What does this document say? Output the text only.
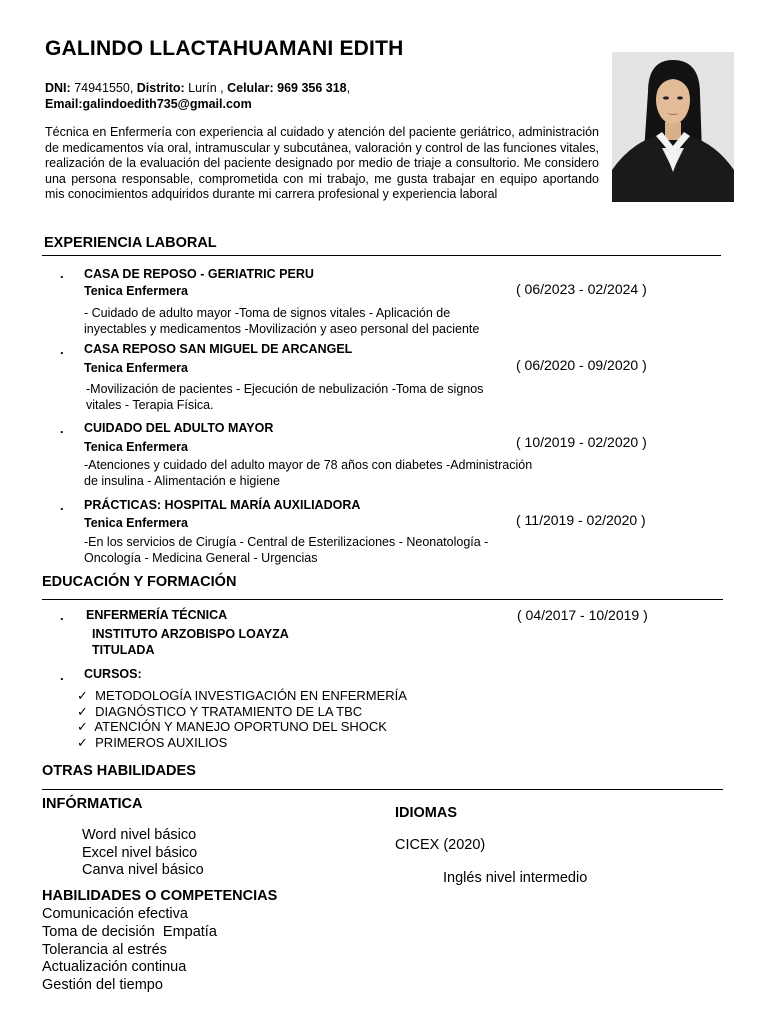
GALINDO LLACTAHUAMANI EDITH
DNI: 74941550, Distrito: Lurín , Celular: 969 356 318,
Email:galindoedith735@gmail.com
Técnica en Enfermería con experiencia al cuidado y atención del paciente geriátrico, administración de medicamentos vía oral, intramuscular y subcutánea, valoración y control de las funciones vitales, realización de la evaluación del paciente designado por medio de triaje a consultorio. Me considero una persona responsable, comprometida con mi trabajo, me gusta trabajar en equipo aportando mis conocimientos adquiridos durante mi carrera profesional y experiencia laboral
EXPERIENCIA LABORAL
. CASA DE REPOSO - GERIATRIC PERU
Tenica Enfermera	( 06/2023 - 02/2024 )
- Cuidado de adulto mayor -Toma de signos vitales - Aplicación de
inyectables y medicamentos -Movilización y aseo personal del paciente
. CASA REPOSO SAN MIGUEL DE ARCANGEL
Tenica Enfermera	( 06/2020 - 09/2020 )
-Movilización de pacientes - Ejecución de nebulización -Toma de signos
vitales - Terapia Física.
. CUIDADO DEL ADULTO MAYOR
Tenica Enfermera	( 10/2019 - 02/2020 )
-Atenciones y cuidado del adulto mayor de 78 años con diabetes -Administración
de insulina - Alimentación e higiene
. PRÁCTICAS: HOSPITAL MARÍA AUXILIADORA
Tenica Enfermera	( 11/2019 - 02/2020 )
-En los servicios de Cirugía - Central de Esterilizaciones - Neonatología -
Oncología - Medicina General - Urgencias
EDUCACIÓN Y FORMACIÓN
. ENFERMERÍA TÉCNICA	( 04/2017 - 10/2019 )
INSTITUTO ARZOBISPO LOAYZA
TITULADA
. CURSOS:
✓ METODOLOGÍA INVESTIGACIÓN EN ENFERMERÍA
✓ DIAGNÓSTICO Y TRATAMIENTO DE LA TBC
✓ ATENCIÓN Y MANEJO OPORTUNO DEL SHOCK
✓ PRIMEROS AUXILIOS
OTRAS HABILIDADES
INFÓRMATICA
Word nivel básico
Excel nivel básico
Canva nivel básico
IDIOMAS
CICEX (2020)
Inglés nivel intermedio
HABILIDADES O COMPETENCIAS
Comunicación efectiva
Toma de decisión  Empatía
Tolerancia al estrés
Actualización continua
Gestión del tiempo
